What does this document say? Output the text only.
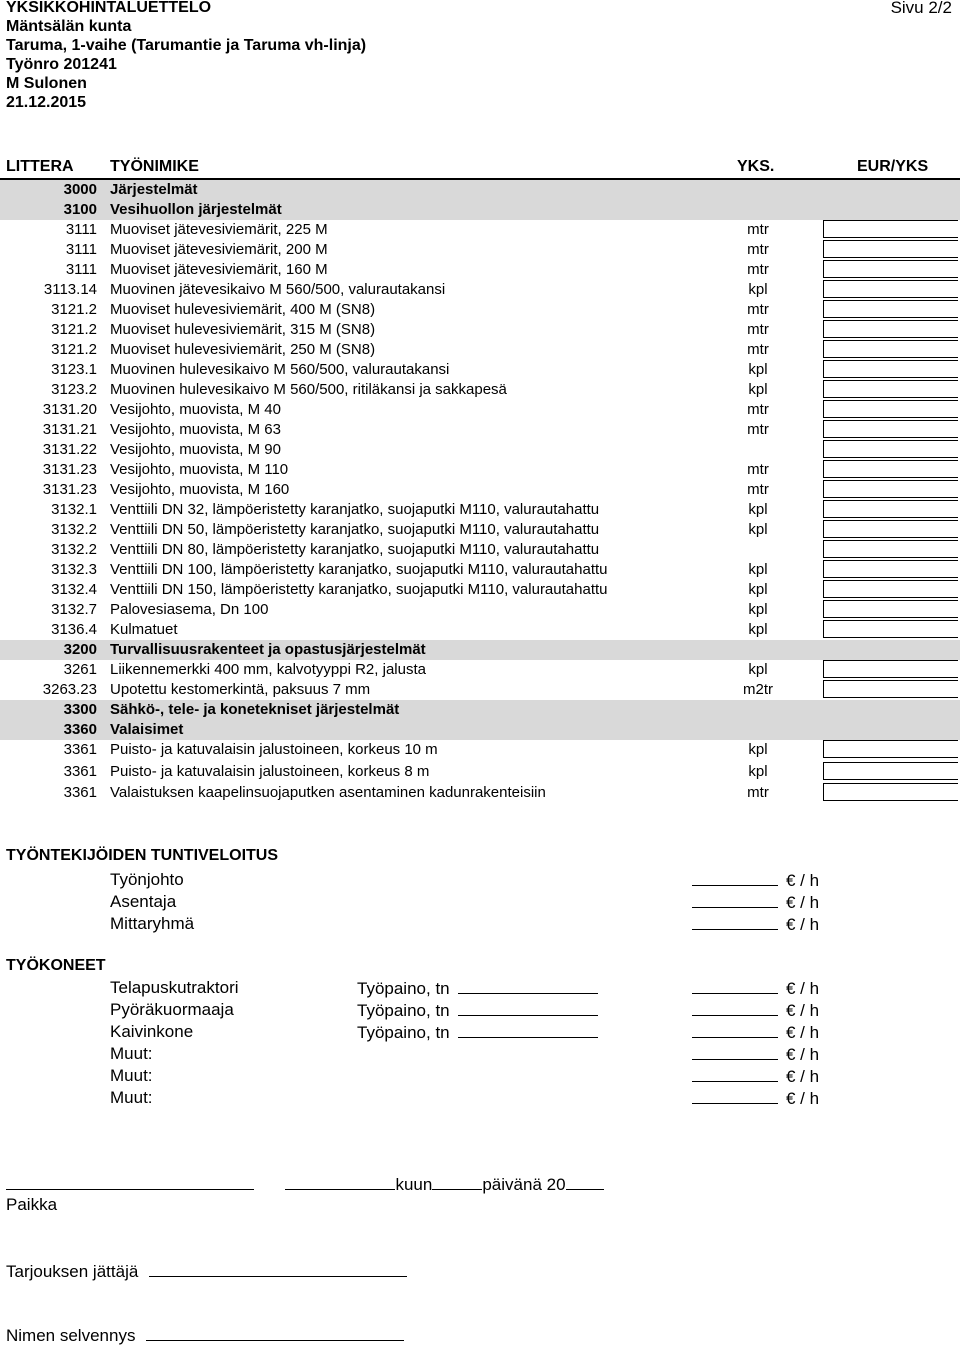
YKSIKKÖHINTALUETTELO
Mäntsälän kunta
Taruma, 1-vaihe (Tarumantie ja Taruma vh-linja)
Työnro 201241
M Sulonen
21.12.2015
Sivu 2/2
LITTERA TYÖNIMIKE	YKS.	EUR/YKS
3000 Järjestelmät
3100 Vesihuollon järjestelmät
3111 Muoviset jätevesiviemärit, 225 M	mtr
3111 Muoviset jätevesiviemärit, 200 M	mtr
3111 Muoviset jätevesiviemärit, 160 M	mtr
3113.14 Muovinen jätevesikaivo M 560/500, valurautakansi	kpl
3121.2 Muoviset hulevesiviemärit, 400 M (SN8)	mtr
3121.2 Muoviset hulevesiviemärit, 315 M (SN8)	mtr
3121.2 Muoviset hulevesiviemärit, 250 M (SN8)	mtr
3123.1 Muovinen hulevesikaivo M 560/500, valurautakansi	kpl
3123.2 Muovinen hulevesikaivo M 560/500, ritiläkansi ja sakkapesä	kpl
3131.20 Vesijohto, muovista, M 40	mtr
3131.21 Vesijohto, muovista, M 63	mtr
3131.22 Vesijohto, muovista, M 90
3131.23 Vesijohto, muovista, M 110	mtr
3131.23 Vesijohto, muovista, M 160	mtr
3132.1 Venttiili DN 32, lämpöeristetty karanjatko, suojaputki M110, valurautahattu	kpl
3132.2 Venttiili DN 50, lämpöeristetty karanjatko, suojaputki M110, valurautahattu	kpl
3132.2 Venttiili DN 80, lämpöeristetty karanjatko, suojaputki M110, valurautahattu
3132.3 Venttiili DN 100, lämpöeristetty karanjatko, suojaputki M110, valurautahattu	kpl
3132.4 Venttiili DN 150, lämpöeristetty karanjatko, suojaputki M110, valurautahattu	kpl
3132.7 Palovesiasema, Dn 100	kpl
3136.4 Kulmatuet	kpl
3200 Turvallisuusrakenteet ja opastusjärjestelmät
3261 Liikennemerkki 400 mm, kalvotyyppi R2, jalusta	kpl
3263.23 Upotettu kestomerkintä, paksuus 7 mm	m2tr
3300 Sähkö-, tele- ja konetekniset järjestelmät
3360 Valaisimet
3361 Puisto- ja katuvalaisin jalustoineen, korkeus 10 m	kpl
3361 Puisto- ja katuvalaisin jalustoineen, korkeus 8 m	kpl
3361 Valaistuksen kaapelinsuojaputken asentaminen kadunrakenteisiin	mtr
TYÖNTEKIJÖIDEN TUNTIVELOITUS
Työnjohto	€ / h
Asentaja	€ / h
Mittaryhmä	€ / h
TYÖKONEET
Telapuskutraktori	Työpaino, tn	€ / h
Pyöräkuormaaja	Työpaino, tn	€ / h
Kaivinkone	Työpaino, tn	€ / h
Muut:	€ / h
Muut:	€ / h
Muut:	€ / h
kuun	päivänä 20
Paikka
Tarjouksen jättäjä
Nimen selvennys
